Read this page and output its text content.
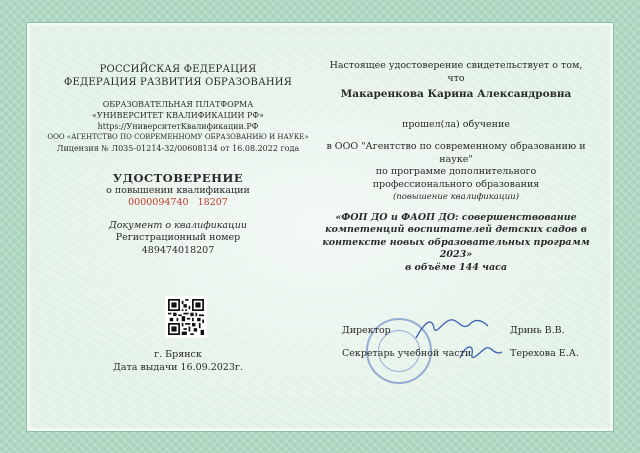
РОССИЙСКАЯ ФЕДЕРАЦИЯ
ФЕДЕРАЦИЯ РАЗВИТИЯ ОБРАЗОВАНИЯ
ОБРАЗОВАТЕЛЬНАЯ ПЛАТФОРМА
«УНИВЕРСИТЕТ КВАЛИФИКАЦИИ РФ»
https://УниверситетКвалификации.РФ
ООО «АГЕНТСТВО ПО СОВРЕМЕННОМУ ОБРАЗОВАНИЮ И НАУКЕ»
Лицензия № Л035-01214-32/00608134 от 16.08.2022 года
УДОСТОВЕРЕНИЕ
о повышении квалификации
0000094740   18207
Документ о квалификации
Регистрационный номер
489474018207
г. Брянск
Дата выдачи 16.09.2023г.
Настоящее удостоверение свидетельствует о том,
что
Макаренкова Карина Александровна
прошел(ла) обучение
в ООО "Агентство по современному образованию и
науке"
по программе дополнительного
профессионального образования
(повышение квалификации)
«ФОП ДО и ФАОП ДО: совершенствование компетенций воспитателей детских садов в контексте новых образовательных программ 2023»
в объёме 144 часа
Директор	Дринь В.В.
Секретарь учебной части	Терехова Е.А.
